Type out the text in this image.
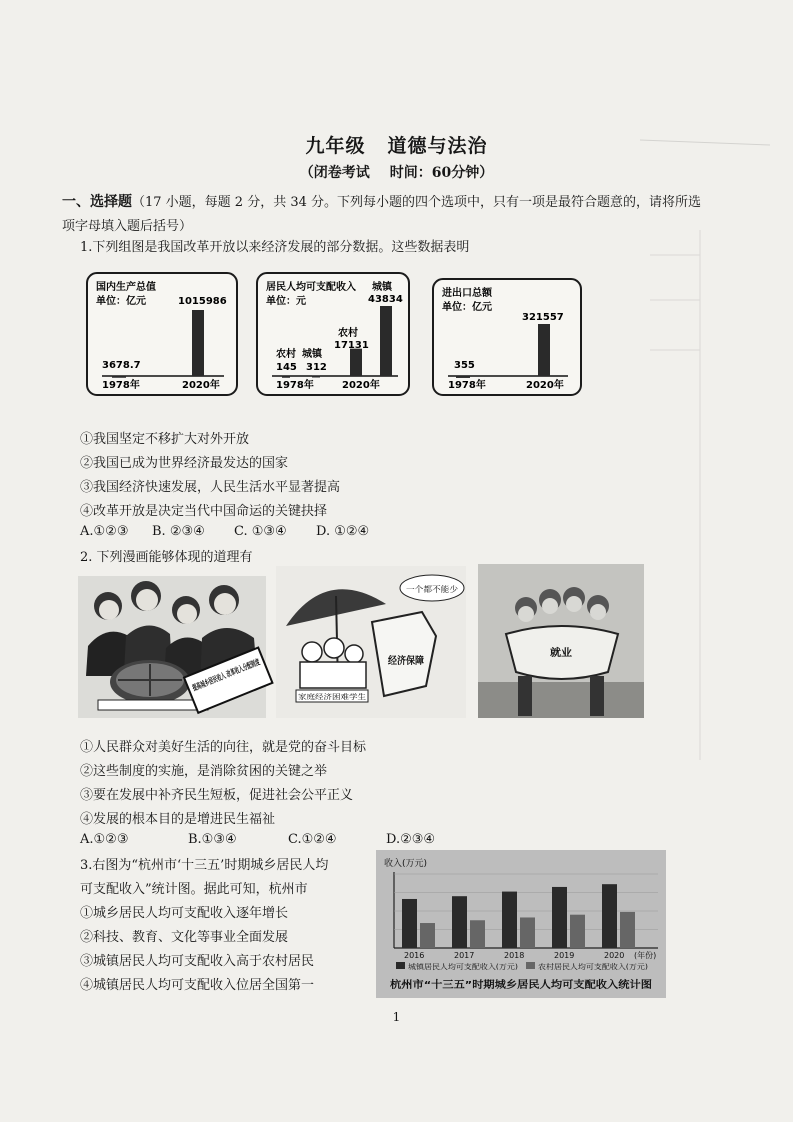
九年级 道德与法治
（闭卷考试 时间：60分钟）
一、选择题（17 小题，每题 2 分，共 34 分。下列每小题的四个选项中，只有一项是最符合题意的，请将所选
项字母填入题后括号）
1.下列组图是我国改革开放以来经济发展的部分数据。这些数据表明
国内生产总值
单位：亿元
3678.7
1015986
1978年	2020年
居民人均可支配收入
单位：元
农村 城镇
145 312
农村
城镇
17131
43834
1978年	2020年
进出口总额
单位：亿元
355
321557
1978年	2020年
①我国坚定不移扩大对外开放
②我国已成为世界经济最发达的国家
③我国经济快速发展，人民生活水平显著提高
④改革开放是决定当代中国命运的关键抉择
A.①②③	B. ②③④	C. ①③④	D. ①②④
2. 下列漫画能够体现的道理有
提高城乡居民收入 改革收入分配制度
家庭经济困难学生
经济保障
一个都不能少
就业
①人民群众对美好生活的向往，就是党的奋斗目标
②这些制度的实施，是消除贫困的关键之举
③要在发展中补齐民生短板，促进社会公平正义
④发展的根本目的是增进民生福祉
A.①②③	B.①③④	C.①②④	D.②③④
3.右图为“杭州市‘十三五’时期城乡居民人均
可支配收入”统计图。据此可知，杭州市
①城乡居民人均可支配收入逐年增长
②科技、教育、文化等事业全面发展
③城镇居民人均可支配收入高于农村居民
④城镇居民人均可支配收入位居全国第一
收入(万元)
2016	2017	2018	2019	2020 (年份)
城镇居民人均可支配收入(万元)	农村居民人均可支配收入(万元)
杭州市“十三五”时期城乡居民人均可支配收入统计图
1
